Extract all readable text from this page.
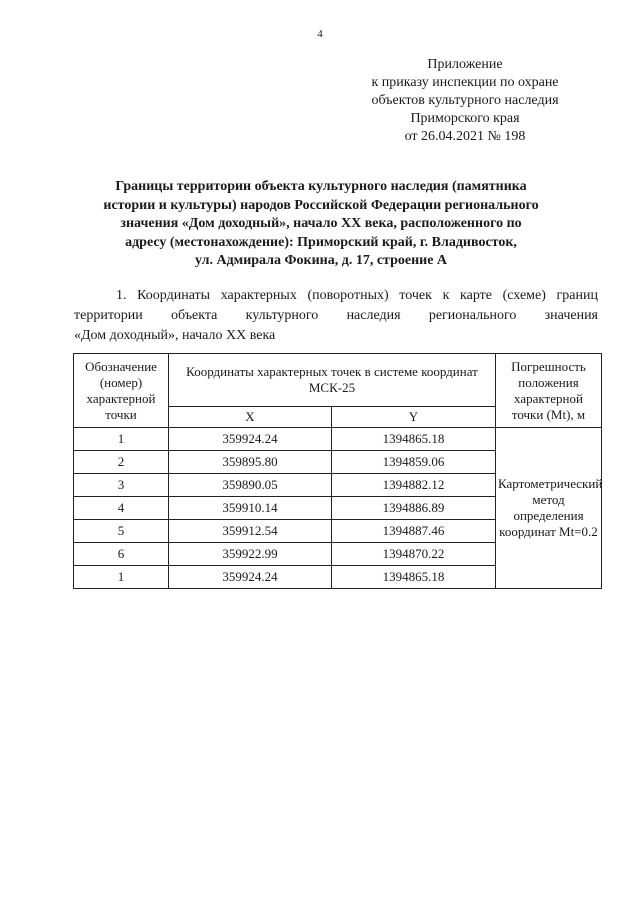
4
Приложение
к приказу инспекции по охране
объектов культурного наследия
Приморского края
от 26.04.2021 № 198
Границы территории объекта культурного наследия (памятника
истории и культуры) народов Российской Федерации регионального
значения «Дом доходный», начало ХХ века, расположенного по
адресу (местонахождение): Приморский край, г. Владивосток,
ул. Адмирала Фокина, д. 17, строение А
1. Координаты характерных (поворотных) точек к карте (схеме) границ
территории объекта культурного наследия регионального значения
«Дом доходный», начало ХХ века
Обозначение (номер) характерной точки	Координаты характерных точек в системе координат МСК-25		Погрешность положения характерной точки (Mt), м
	X	Y	
1	359924.24	1394865.18	Картометрический метод определения координат Mt=0.2
2	359895.80	1394859.06	
3	359890.05	1394882.12	
4	359910.14	1394886.89	
5	359912.54	1394887.46	
6	359922.99	1394870.22	
1	359924.24	1394865.18	
